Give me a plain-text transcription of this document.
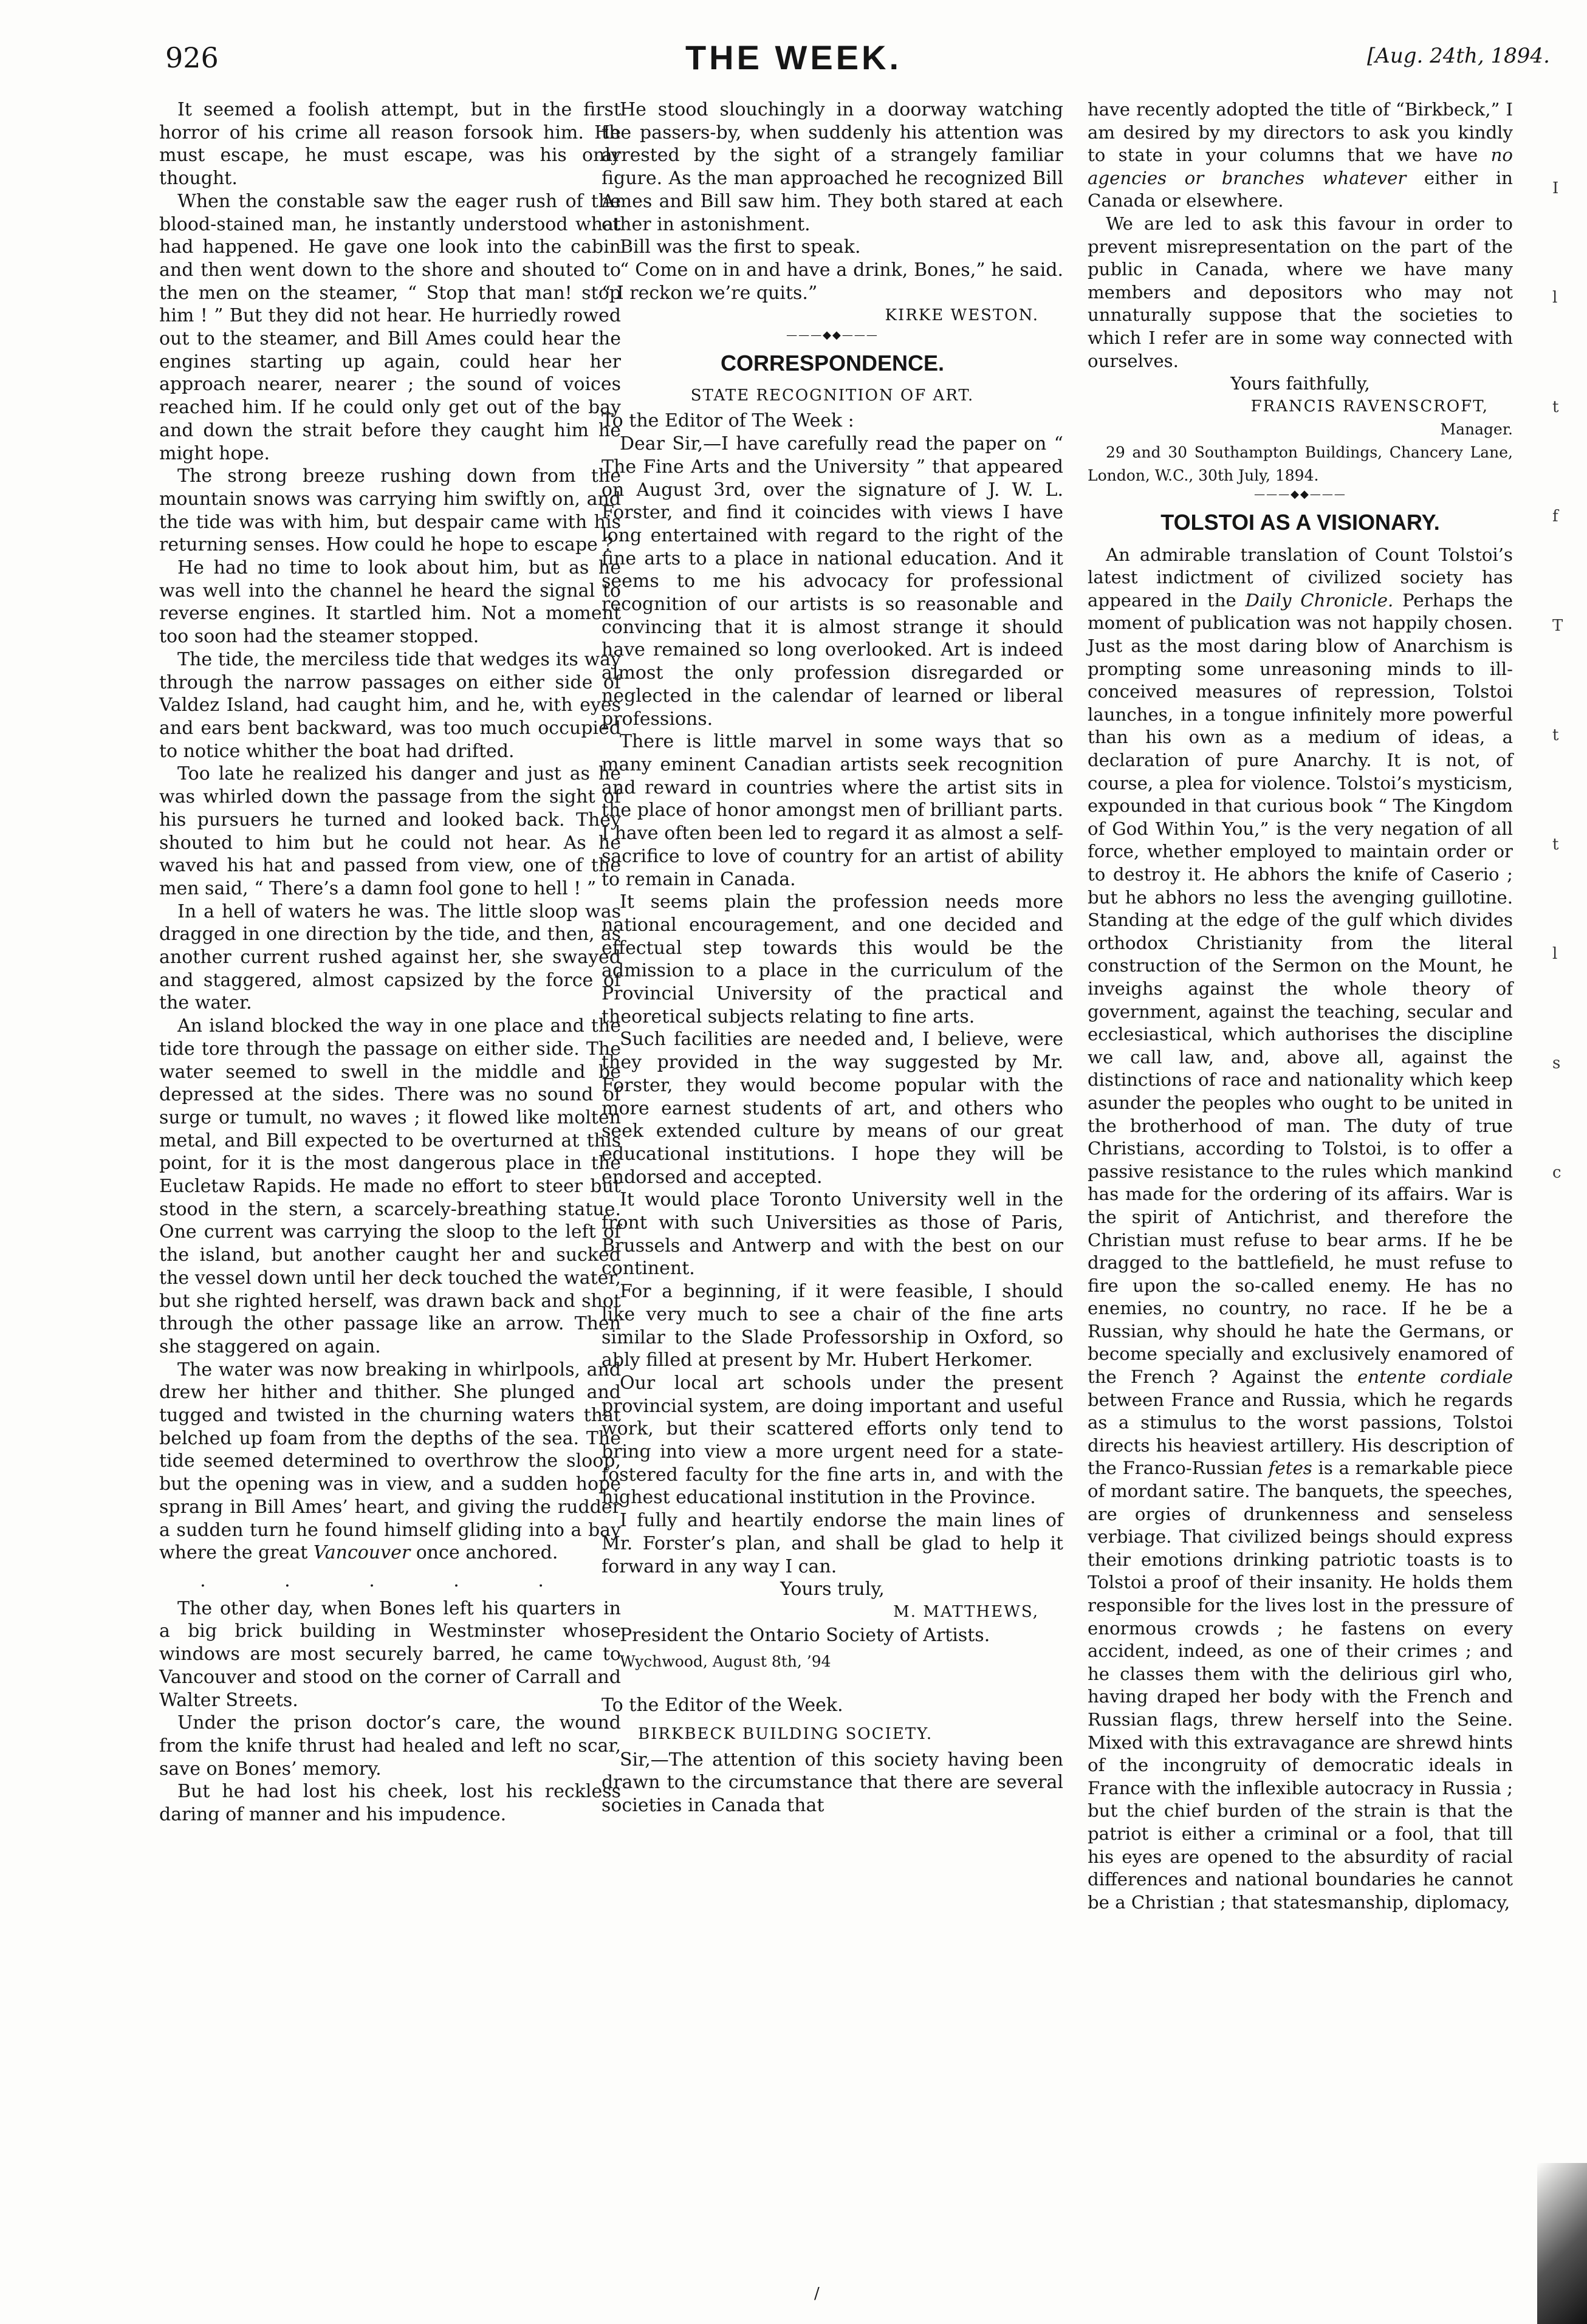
THE WEEK.
926	[Aug. 24th, 1894.

It seemed a foolish attempt, but in the first horror of his crime all reason forsook him. He must escape, he must escape, was his only thought.

When the constable saw the eager rush of the blood-stained man, he instantly understood what had happened. He gave one look into the cabin and then went down to the shore and shouted to the men on the steamer, “ Stop that man! stop him ! ” But they did not hear. He hurriedly rowed out to the steamer, and Bill Ames could hear the engines starting up again, could hear her approach nearer, nearer ; the sound of voices reached him. If he could only get out of the bay and down the strait before they caught him he might hope.

The strong breeze rushing down from the mountain snows was carrying him swiftly on, and the tide was with him, but despair came with his returning senses. How could he hope to escape ?

He had no time to look about him, but as he was well into the channel he heard the signal to reverse engines. It startled him. Not a moment too soon had the steamer stopped.

The tide, the merciless tide that wedges its way through the narrow passages on either side of Valdez Island, had caught him, and he, with eyes and ears bent backward, was too much occupied to notice whither the boat had drifted.

Too late he realized his danger and just as he was whirled down the passage from the sight of his pursuers he turned and looked back. They shouted to him but he could not hear. As he waved his hat and passed from view, one of the men said, “ There’s a damn fool gone to hell ! ”

In a hell of waters he was. The little sloop was dragged in one direction by the tide, and then, as another current rushed against her, she swayed and staggered, almost capsized by the force of the water.

An island blocked the way in one place and the tide tore through the passage on either side. The water seemed to swell in the middle and be depressed at the sides. There was no sound of surge or tumult, no waves ; it flowed like molten metal, and Bill expected to be overturned at this point, for it is the most dangerous place in the Eucletaw Rapids. He made no effort to steer but stood in the stern, a scarcely-breathing statue. One current was carrying the sloop to the left of the island, but another caught her and sucked the vessel down until her deck touched the water, but she righted herself, was drawn back and shot through the other passage like an arrow. Then she staggered on again.

The water was now breaking in whirlpools, and drew her hither and thither. She plunged and tugged and twisted in the churning waters that belched up foam from the depths of the sea. The tide seemed determined to overthrow the sloop, but the opening was in view, and a sudden hope sprang in Bill Ames’ heart, and giving the rudder a sudden turn he found himself gliding into a bay where the great Vancouver once anchored.

. . . . .

The other day, when Bones left his quarters in a big brick building in Westminster whose windows are most securely barred, he came to Vancouver and stood on the corner of Carrall and Walter Streets.

Under the prison doctor’s care, the wound from the knife thrust had healed and left no scar, save on Bones’ memory.

But he had lost his cheek, lost his reckless daring of manner and his impudence.

He stood slouchingly in a doorway watching the passers-by, when suddenly his attention was arrested by the sight of a strangely familiar figure. As the man approached he recognized Bill Ames and Bill saw him. They both stared at each other in astonishment.

Bill was the first to speak.

“ Come on in and have a drink, Bones,” he said. “ I reckon we’re quits.”

KIRKE WESTON.
———◆◆———
CORRESPONDENCE.
STATE RECOGNITION OF ART.
To the Editor of The Week :

Dear Sir,—I have carefully read the paper on “ The Fine Arts and the University ” that appeared on August 3rd, over the signature of J. W. L. Forster, and find it coincides with views I have long entertained with regard to the right of the fine arts to a place in national education. And it seems to me his advocacy for professional recognition of our artists is so reasonable and convincing that it is almost strange it should have remained so long overlooked. Art is indeed almost the only profession disregarded or neglected in the calendar of learned or liberal professions.

There is little marvel in some ways that so many eminent Canadian artists seek recognition and reward in countries where the artist sits in the place of honor amongst men of brilliant parts. I have often been led to regard it as almost a self-sacrifice to love of country for an artist of ability to remain in Canada.

It seems plain the profession needs more national encouragement, and one decided and effectual step towards this would be the admission to a place in the curriculum of the Provincial University of the practical and theoretical subjects relating to fine arts.

Such facilities are needed and, I believe, were they provided in the way suggested by Mr. Forster, they would become popular with the more earnest students of art, and others who seek extended culture by means of our great educational institutions. I hope they will be endorsed and accepted.

It would place Toronto University well in the front with such Universities as those of Paris, Brussels and Antwerp and with the best on our continent.

For a beginning, if it were feasible, I should like very much to see a chair of the fine arts similar to the Slade Professorship in Oxford, so ably filled at present by Mr. Hubert Herkomer.

Our local art schools under the present provincial system, are doing important and useful work, but their scattered efforts only tend to bring into view a more urgent need for a state-fostered faculty for the fine arts in, and with the highest educational institution in the Province.

I fully and heartily endorse the main lines of Mr. Forster’s plan, and shall be glad to help it forward in any way I can.

Yours truly,
M. MATTHEWS,

President the Ontario Society of Artists.

Wychwood, August 8th, ’94
To the Editor of the Week.
BIRKBECK BUILDING SOCIETY.

Sir,—The attention of this society having been drawn to the circumstance that there are several societies in Canada that

have recently adopted the title of “Birkbeck,” I am desired by my directors to ask you kindly to state in your columns that we have no agencies or branches whatever either in Canada or elsewhere.

We are led to ask this favour in order to prevent misrepresentation on the part of the public in Canada, where we have many members and depositors who may not unnaturally suppose that the societies to which I refer are in some way connected with ourselves.

Yours faithfully,
FRANCIS RAVENSCROFT,
Manager.

29 and 30 Southampton Buildings, Chancery Lane, London, W.C., 30th July, 1894.

———◆◆———
TOLSTOI AS A VISIONARY.

An admirable translation of Count Tolstoi’s latest indictment of civilized society has appeared in the Daily Chronicle. Perhaps the moment of publication was not happily chosen. Just as the most daring blow of Anarchism is prompting some unreasoning minds to ill-conceived measures of repression, Tolstoi launches, in a tongue infinitely more powerful than his own as a medium of ideas, a declaration of pure Anarchy. It is not, of course, a plea for violence. Tolstoi’s mysticism, expounded in that curious book “ The Kingdom of God Within You,” is the very negation of all force, whether employed to maintain order or to destroy it. He abhors the knife of Caserio ; but he abhors no less the avenging guillotine. Standing at the edge of the gulf which divides orthodox Christianity from the literal construction of the Sermon on the Mount, he inveighs against the whole theory of government, against the teaching, secular and ecclesiastical, which authorises the discipline we call law, and, above all, against the distinctions of race and nationality which keep asunder the peoples who ought to be united in the brotherhood of man. The duty of true Christians, according to Tolstoi, is to offer a passive resistance to the rules which mankind has made for the ordering of its affairs. War is the spirit of Antichrist, and therefore the Christian must refuse to bear arms. If he be dragged to the battlefield, he must refuse to fire upon the so-called enemy. He has no enemies, no country, no race. If he be a Russian, why should he hate the Germans, or become specially and exclusively enamored of the French ? Against the entente cordiale between France and Russia, which he regards as a stimulus to the worst passions, Tolstoi directs his heaviest artillery. His description of the Franco-Russian fetes is a remarkable piece of mordant satire. The banquets, the speeches, are orgies of drunkenness and senseless verbiage. That civilized beings should express their emotions drinking patriotic toasts is to Tolstoi a proof of their insanity. He holds them responsible for the lives lost in the pressure of enormous crowds ; he fastens on every accident, indeed, as one of their crimes ; and he classes them with the delirious girl who, having draped her body with the French and Russian flags, threw herself into the Seine. Mixed with this extravagance are shrewd hints of the incongruity of democratic ideals in France with the inflexible autocracy in Russia ; but the chief burden of the strain is that the patriot is either a criminal or a fool, that till his eyes are opened to the absurdity of racial differences and national boundaries he cannot be a Christian ; that statesmanship, diplomacy,

I
l
t
f
T
t
t
l
s
c
/
